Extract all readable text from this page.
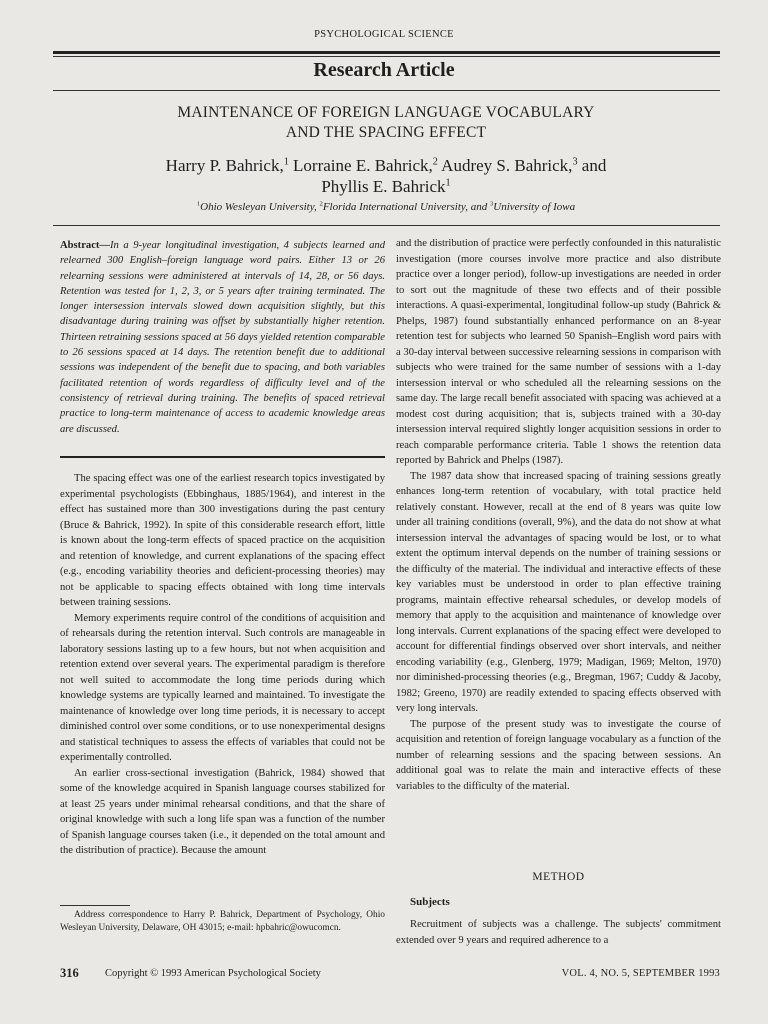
PSYCHOLOGICAL SCIENCE
Research Article
MAINTENANCE OF FOREIGN LANGUAGE VOCABULARY
AND THE SPACING EFFECT
Harry P. Bahrick,$^1$ Lorraine E. Bahrick,$^2$ Audrey S. Bahrick,$^3$ and
Phyllis E. Bahrick$^1$
$^1$Ohio Wesleyan University, $^2$Florida International University, and $^3$University of Iowa
Abstract—In a 9-year longitudinal investigation, 4 subjects learned and relearned 300 English–foreign language word pairs. Either 13 or 26 relearning sessions were administered at intervals of 14, 28, or 56 days. Retention was tested for 1, 2, 3, or 5 years after training terminated. The longer intersession intervals slowed down acquisition slightly, but this disadvantage during training was offset by substantially higher retention. Thirteen retraining sessions spaced at 56 days yielded retention comparable to 26 sessions spaced at 14 days. The retention benefit due to additional sessions was independent of the benefit due to spacing, and both variables facilitated retention of words regardless of difficulty level and of the consistency of retrieval during training. The benefits of spaced retrieval practice to long-term maintenance of access to academic knowledge areas are discussed.

The spacing effect was one of the earliest research topics investigated by experimental psychologists (Ebbinghaus, 1885/1964), and interest in the effect has sustained more than 300 investigations during the past century (Bruce & Bahrick, 1992). In spite of this considerable research effort, little is known about the long-term effects of spaced practice on the acquisition and retention of knowledge, and current explanations of the spacing effect (e.g., encoding variability theories and deficient-processing theories) may not be applicable to spacing effects obtained with long time intervals between training sessions.

Memory experiments require control of the conditions of acquisition and of rehearsals during the retention interval. Such controls are manageable in laboratory sessions lasting up to a few hours, but not when acquisition and retention extend over several years. The experimental paradigm is therefore not well suited to accommodate the long time periods during which knowledge systems are typically learned and maintained. To investigate the maintenance of knowledge over long time periods, it is necessary to accept diminished control over some conditions, or to use nonexperimental designs and statistical techniques to assess the effects of variables that could not be experimentally controlled.

An earlier cross-sectional investigation (Bahrick, 1984) showed that some of the knowledge acquired in Spanish language courses stabilized for at least 25 years under minimal rehearsal conditions, and that the share of original knowledge with such a long life span was a function of the number of Spanish language courses taken (i.e., it depended on the total amount and the distribution of practice). Because the amount

Address correspondence to Harry P. Bahrick, Department of Psychology, Ohio Wesleyan University, Delaware, OH 43015; e-mail: hpbahric@owucomcn.

and the distribution of practice were perfectly confounded in this naturalistic investigation (more courses involve more practice and also distribute practice over a longer period), follow-up investigations are needed in order to sort out the magnitude of these two effects and of their possible interactions. A quasi-experimental, longitudinal follow-up study (Bahrick & Phelps, 1987) found substantially enhanced performance on an 8-year retention test for subjects who learned 50 Spanish–English word pairs with a 30-day interval between successive relearning sessions in comparison with subjects who were trained for the same number of sessions with a 1-day intersession interval or who scheduled all the relearning sessions on the same day. The large recall benefit associated with spacing was achieved at a modest cost during acquisition; that is, subjects trained with a 30-day intersession interval required slightly longer acquisition sessions in order to reach comparable performance criteria. Table 1 shows the retention data reported by Bahrick and Phelps (1987).

The 1987 data show that increased spacing of training sessions greatly enhances long-term retention of vocabulary, with total practice held relatively constant. However, recall at the end of 8 years was quite low under all training conditions (overall, 9%), and the data do not show at what intersession interval the advantages of spacing would be lost, or to what extent the optimum interval depends on the number of training sessions or the difficulty of the material. The individual and interactive effects of these key variables must be understood in order to plan effective training programs, maintain effective rehearsal schedules, or develop models of memory that apply to the acquisition and maintenance of knowledge over long intervals. Current explanations of the spacing effect were developed to account for differential findings observed over short intervals, and neither encoding variability (e.g., Glenberg, 1979; Madigan, 1969; Melton, 1970) nor diminished-processing theories (e.g., Bregman, 1967; Cuddy & Jacoby, 1982; Greeno, 1970) are readily extended to spacing effects observed with very long intervals.

The purpose of the present study was to investigate the course of acquisition and retention of foreign language vocabulary as a function of the number of relearning sessions and the spacing between sessions. An additional goal was to relate the main and interactive effects of these variables to the difficulty of the material.

METHOD
Subjects

Recruitment of subjects was a challenge. The subjects' commitment extended over 9 years and required adherence to a

316	Copyright © 1993 American Psychological Society	VOL. 4, NO. 5, SEPTEMBER 1993
